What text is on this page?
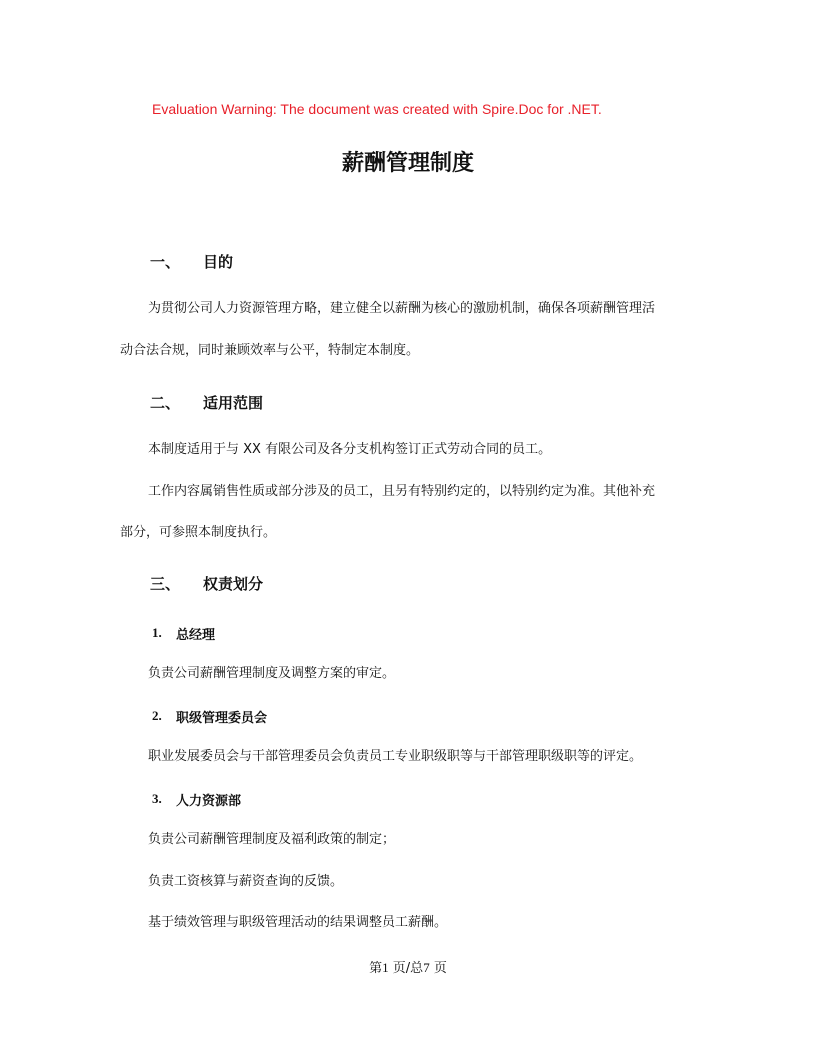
Evaluation Warning: The document was created with Spire.Doc for .NET.
薪酬管理制度
一、 目的
为贯彻公司人力资源管理方略，建立健全以薪酬为核心的激励机制，确保各项薪酬管理活
动合法合规，同时兼顾效率与公平，特制定本制度。
二、 适用范围
本制度适用于与 XX 有限公司及各分支机构签订正式劳动合同的员工。
工作内容属销售性质或部分涉及的员工，且另有特别约定的，以特别约定为准。其他补充
部分，可参照本制度执行。
三、 权责划分
1. 总经理
负责公司薪酬管理制度及调整方案的审定。
2. 职级管理委员会
职业发展委员会与干部管理委员会负责员工专业职级职等与干部管理职级职等的评定。
3. 人力资源部
负责公司薪酬管理制度及福利政策的制定；
负责工资核算与薪资查询的反馈。
基于绩效管理与职级管理活动的结果调整员工薪酬。
第1 页/总7 页
